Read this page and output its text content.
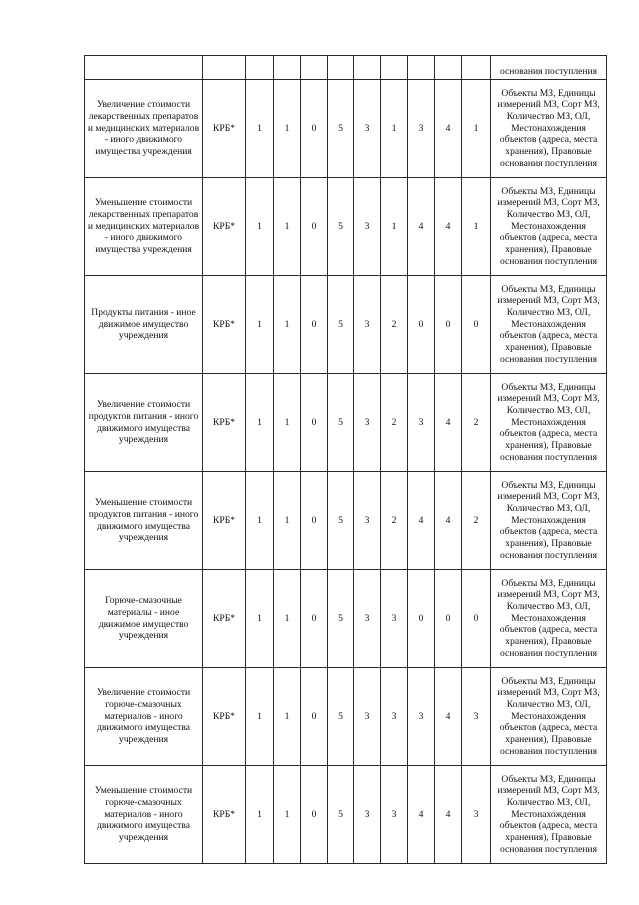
											основания поступления
Увеличение стоимости лекарственных препаратов и медицинских материалов - иного движимого имущества учреждения	КРБ*	1	1	0	5	3	1	3	4	1	Объекты МЗ, Единицы измерений МЗ, Сорт МЗ, Количество МЗ, ОЛ, Местонахождения объектов (адреса, места хранения), Правовые основания поступления
Уменьшение стоимости лекарственных препаратов и медицинских материалов - иного движимого имущества учреждения	КРБ*	1	1	0	5	3	1	4	4	1	Объекты МЗ, Единицы измерений МЗ, Сорт МЗ, Количество МЗ, ОЛ, Местонахождения объектов (адреса, места хранения), Правовые основания поступления
Продукты питания - иное движимое имущество учреждения	КРБ*	1	1	0	5	3	2	0	0	0	Объекты МЗ, Единицы измерений МЗ, Сорт МЗ, Количество МЗ, ОЛ, Местонахождения объектов (адреса, места хранения), Правовые основания поступления
Увеличение стоимости продуктов питания - иного движимого имущества учреждения	КРБ*	1	1	0	5	3	2	3	4	2	Объекты МЗ, Единицы измерений МЗ, Сорт МЗ, Количество МЗ, ОЛ, Местонахождения объектов (адреса, места хранения), Правовые основания поступления
Уменьшение стоимости продуктов питания - иного движимого имущества учреждения	КРБ*	1	1	0	5	3	2	4	4	2	Объекты МЗ, Единицы измерений МЗ, Сорт МЗ, Количество МЗ, ОЛ, Местонахождения объектов (адреса, места хранения), Правовые основания поступления
Горюче-смазочные материалы - иное движимое имущество учреждения	КРБ*	1	1	0	5	3	3	0	0	0	Объекты МЗ, Единицы измерений МЗ, Сорт МЗ, Количество МЗ, ОЛ, Местонахождения объектов (адреса, места хранения), Правовые основания поступления
Увеличение стоимости горюче-смазочных материалов - иного движимого имущества учреждения	КРБ*	1	1	0	5	3	3	3	4	3	Объекты МЗ, Единицы измерений МЗ, Сорт МЗ, Количество МЗ, ОЛ, Местонахождения объектов (адреса, места хранения), Правовые основания поступления
Уменьшение стоимости горюче-смазочных материалов - иного движимого имущества учреждения	КРБ*	1	1	0	5	3	3	4	4	3	Объекты МЗ, Единицы измерений МЗ, Сорт МЗ, Количество МЗ, ОЛ, Местонахождения объектов (адреса, места хранения), Правовые основания поступления
